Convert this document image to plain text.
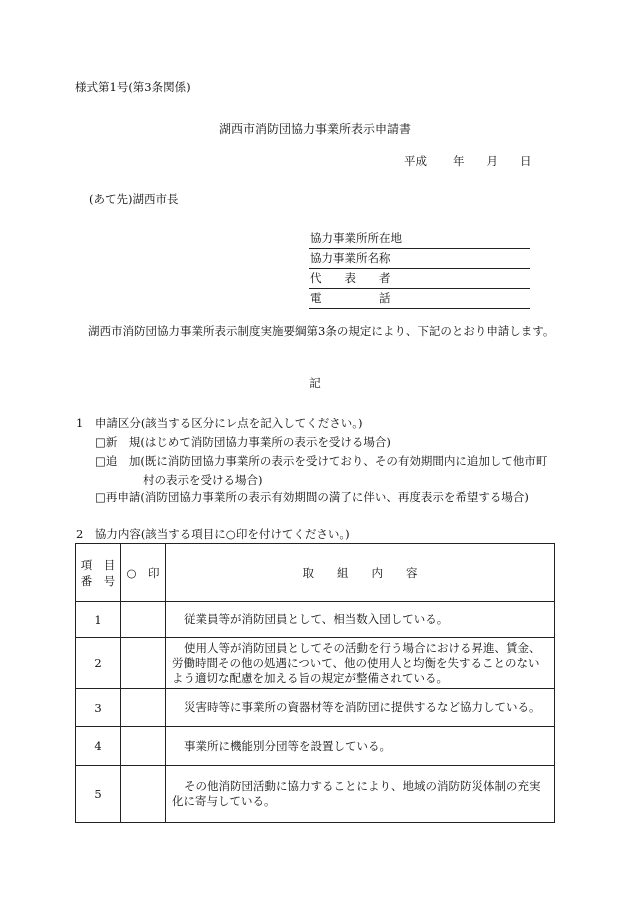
様式第1号(第3条関係)
湖西市消防団協力事業所表示申請書
平成 年 月 日
(あて先)湖西市長
協力事業所所在地
協力事業所名称
代　　表　　者
電　　　　　話
湖西市消防団協力事業所表示制度実施要綱第3条の規定により、下記のとおり申請します。
記
1　申請区分(該当する区分にレ点を記入してください。)
□新　規(はじめて消防団協力事業所の表示を受ける場合)
□追　加(既に消防団協力事業所の表示を受けており、その有効期間内に追加して他市町
村の表示を受ける場合)
□再申請(消防団協力事業所の表示有効期間の満了に伴い、再度表示を希望する場合)
2　協力内容(該当する項目に○印を付けてください。)
項　目
番　号	○　印	取　　組　　内　　容
1		従業員等が消防団員として、相当数入団している。
2		使用人等が消防団員としてその活動を行う場合における昇進、賃金、労働時間その他の処遇について、他の使用人と均衡を失することのないよう適切な配慮を加える旨の規定が整備されている。
3		災害時等に事業所の資器材等を消防団に提供するなど協力している。
4		事業所に機能別分団等を設置している。
5		その他消防団活動に協力することにより、地域の消防防災体制の充実化に寄与している。
